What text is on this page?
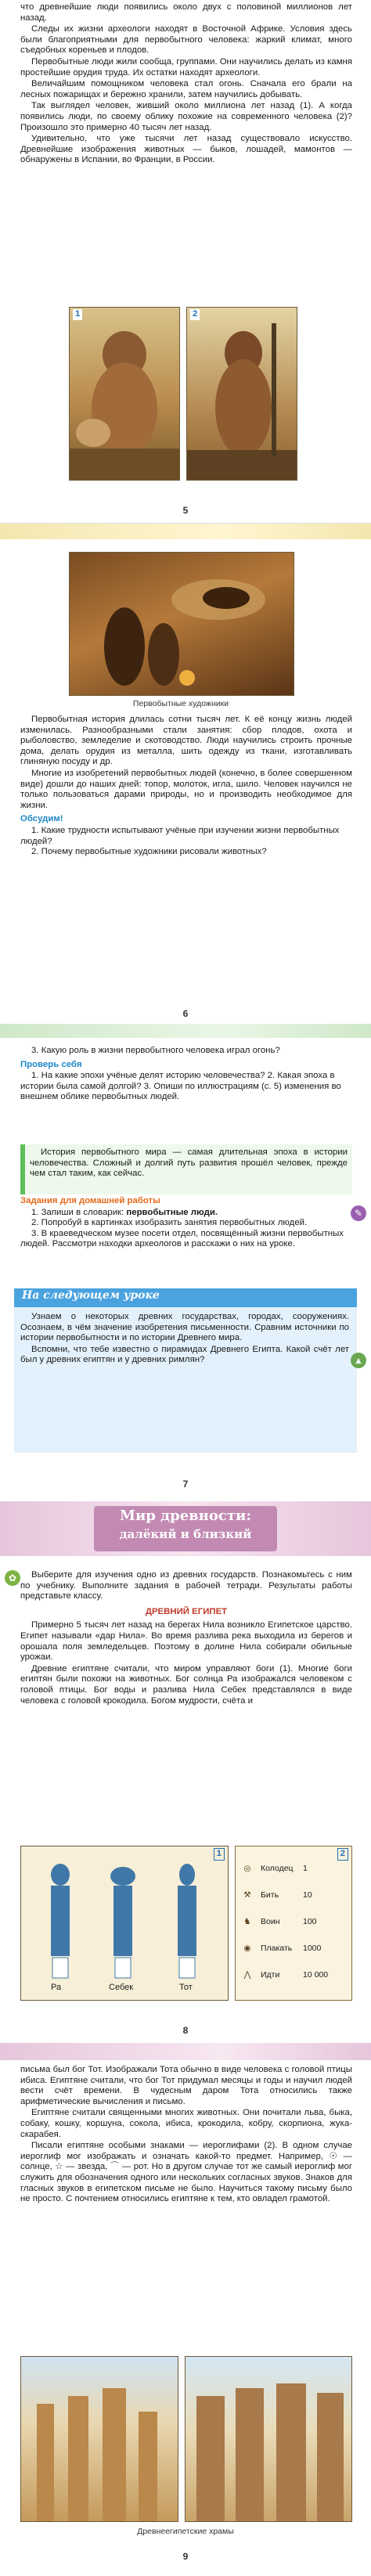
что древнейшие люди появились около двух с половиной миллионов лет назад.

Следы их жизни археологи находят в Восточной Африке. Условия здесь были благоприятными для первобытного человека: жаркий климат, много съедобных кореньев и плодов.

Первобытные люди жили сообща, группами. Они научились делать из камня простейшие орудия труда. Их остатки находят археологи.

Величайшим помощником человека стал огонь. Сначала его брали на лесных пожарищах и бережно хранили, затем научились добывать.

Так выглядел человек, живший около миллиона лет назад (1). А когда появились люди, по своему облику похожие на современного человека (2)? Произошло это примерно 40 тысяч лет назад.

Удивительно, что уже тысячи лет назад существовало искусство. Древнейшие изображения животных — быков, лошадей, мамонтов — обнаружены в Испании, во Франции, в России.

1	2
5
Первобытные художники

Первобытная история длилась сотни тысяч лет. К её концу жизнь людей изменилась. Разнообразными стали занятия: сбор плодов, охота и рыболовство, земледелие и скотоводство. Люди научились строить прочные дома, делать орудия из металла, шить одежду из ткани, изготавливать глиняную посуду и др.

Многие из изобретений первобытных людей (конечно, в более совершенном виде) дошли до наших дней: топор, молоток, игла, шило. Человек научился не только пользоваться дарами природы, но и производить необходимое для жизни.

Обсудим!

1. Какие трудности испытывают учёные при изучении жизни первобытных людей?

2. Почему первобытные художники рисовали животных?

6

3. Какую роль в жизни первобытного человека играл огонь?

Проверь себя

1. На какие эпохи учёные делят историю человечества? 2. Какая эпоха в истории была самой долгой? 3. Опиши по иллюстрациям (с. 5) изменения во внешнем облике первобытных людей.

История первобытного мира — самая длительная эпоха в истории человечества. Сложный и долгий путь развития прошёл человек, прежде чем стал таким, как сейчас.

Задания для домашней работы

1. Запиши в словарик: первобытные люди.

2. Попробуй в картинках изобразить занятия первобытных людей.

3. В краеведческом музее посети отдел, посвящённый жизни первобытных людей. Рассмотри находки археологов и расскажи о них на уроке.

✎
На следующем уроке

Узнаем о некоторых древних государствах, городах, сооружениях. Осознаем, в чём значение изобретения письменности. Сравним источники по истории первобытности и по истории Древнего мира.

Вспомни, что тебе известно о пирамидах Древнего Египта. Какой счёт лет был у древних египтян и у древних римлян?	▲
7
Мир древности:
далёкий и близкий
✿	Выберите для изучения одно из древних государств. Познакомьтесь с ним по учебнику. Выполните задания в рабочей тетради. Результаты работы представьте классу.

ДРЕВНИЙ ЕГИПЕТ

Примерно 5 тысяч лет назад на берегах Нила возникло Египетское царство. Египет называли «дар Нила». Во время разлива река выходила из берегов и орошала поля земледельцев. Поэтому в долине Нила собирали обильные урожаи.

Древние египтяне считали, что миром управляют боги (1). Многие боги египтян были похожи на животных. Бог солнца Ра изображался человеком с головой птицы. Бог воды и разлива Нила Себек представлялся в виде человека с головой крокодила. Богом мудрости, счёта и

1
Ра	Себек	Тот
2
◎	Колодец 1
⚒	Бить	10
♞	Воин	100
◉	Плакать 1000
⋀	Идти	10 000
8

письма был бог Тот. Изображали Тота обычно в виде человека с головой птицы ибиса. Египтяне считали, что бог Тот придумал месяцы и годы и научил людей вести счёт времени. В чудесным даром Тота относились также арифметические вычисления и письмо.

Египтяне считали священными многих животных. Они почитали льва, быка, собаку, кошку, коршуна, сокола, ибиса, крокодила, кобру, скорпиона, жука-скарабея.

Писали египтяне особыми знаками — иероглифами (2). В одном случае иероглиф мог изображать и означать какой-то предмет. Например, ☉ — солнце, ☆ — звезда, ⌒ — рот. Но в другом случае тот же самый иероглиф мог служить для обозначения одного или нескольких согласных звуков. Знаков для гласных звуков в египетском письме не было. Научиться такому письму было не просто. С почтением относились египтяне к тем, кто овладел грамотой.

Древнеегипетские храмы
9
